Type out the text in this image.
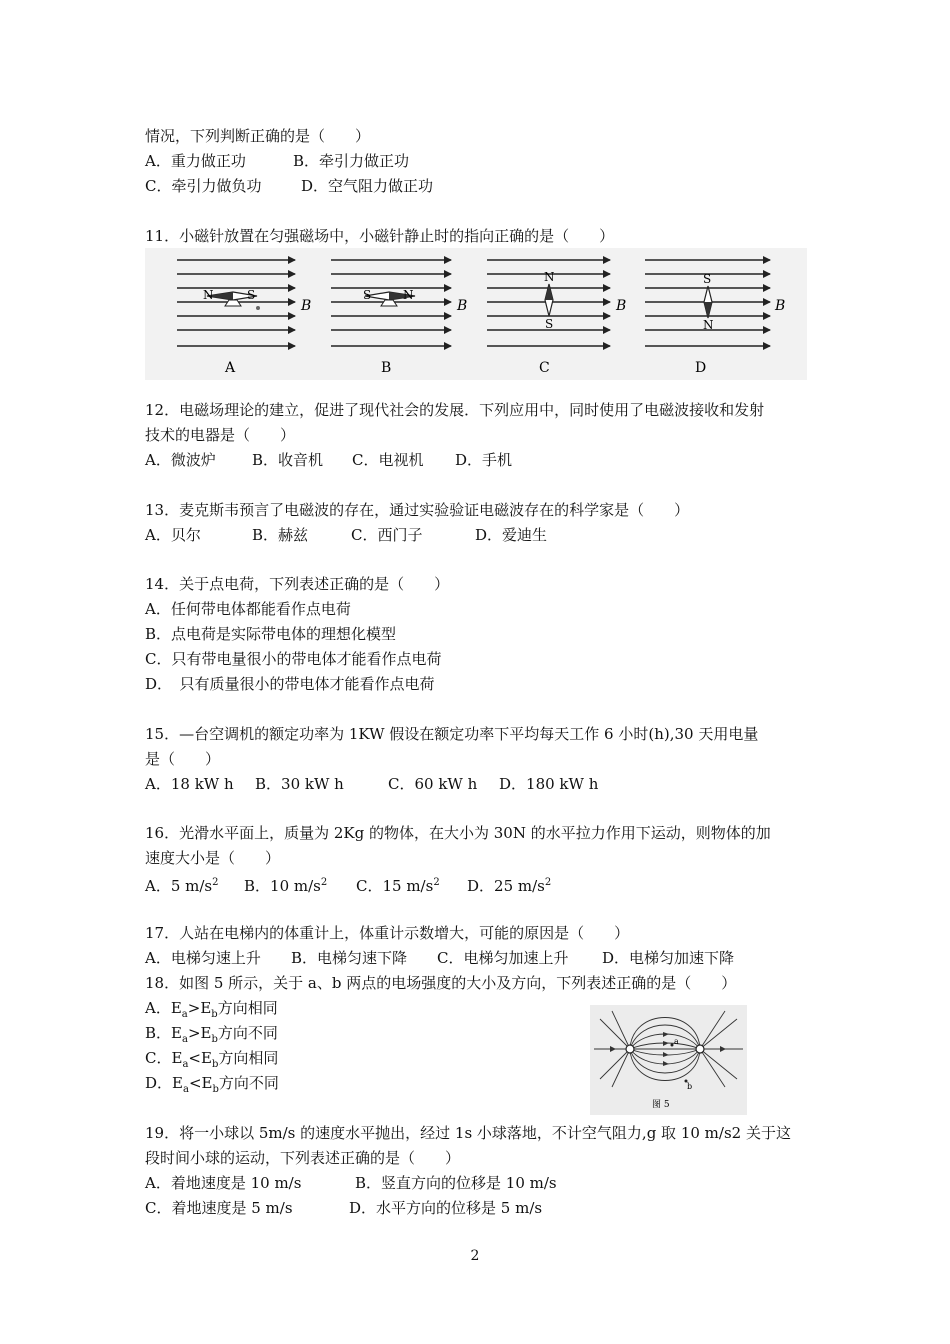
情况，下列判断正确的是（　　）
A．重力做正功	B．牵引力做正功
C．牵引力做负功	D．空气阻力做正功
11．小磁针放置在匀强磁场中，小磁针静止时的指向正确的是（　　）
N	S	S	N
N
S
S
N
B	B	B	B
A	B	C	D
12．电磁场理论的建立，促进了现代社会的发展．下列应用中，同时使用了电磁波接收和发射
技术的电器是（　　）
A．微波炉 B．收音机 C．电视机 D．手机
13．麦克斯韦预言了电磁波的存在，通过实验验证电磁波存在的科学家是（　　）
A．贝尔	B．赫兹	C．西门子	D．爱迪生
14．关于点电荷，下列表述正确的是（　　）
A．任何带电体都能看作点电荷
B．点电荷是实际带电体的理想化模型
C．只有带电量很小的带电体才能看作点电荷
D．　只有质量很小的带电体才能看作点电荷
15．—台空调机的额定功率为 1KW 假设在额定功率下平均每天工作 6 小时(h),30 天用电量
是（　　）
A．18 kW h B．30 kW h	C．60 kW h D．180 kW h
16．光滑水平面上，质量为 2Kg 的物体，在大小为 30N 的水平拉力作用下运动，则物体的加
速度大小是（　　）
A．5 $m/s^2$ B．10 $m/s^2$ C．15 $m/s^2$ D．25 $m/s^2$
17．人站在电梯内的体重计上，体重计示数增大，可能的原因是（　　）
A．电梯匀速上升 B．电梯匀速下降 C．电梯匀加速上升 D．电梯匀加速下降
18．如图 5 所示，关于 a、b 两点的电场强度的大小及方向，下列表述正确的是（　　）
A．$E_a>E_b$方向相同
B．$E_a>E_b$方向不同
C．$E_a<E_b$方向相同
D．$E_a<E_b$方向不同
a
b
图 5
19．将一小球以 5m/s 的速度水平抛出，经过 1s 小球落地，不计空气阻力,g 取 10 m/s2 关于这
段时间小球的运动，下列表述正确的是（　　）
A．着地速度是 10 m/s	B．竖直方向的位移是 10 m/s
C．着地速度是 5 m/s	D．水平方向的位移是 5 m/s
2
